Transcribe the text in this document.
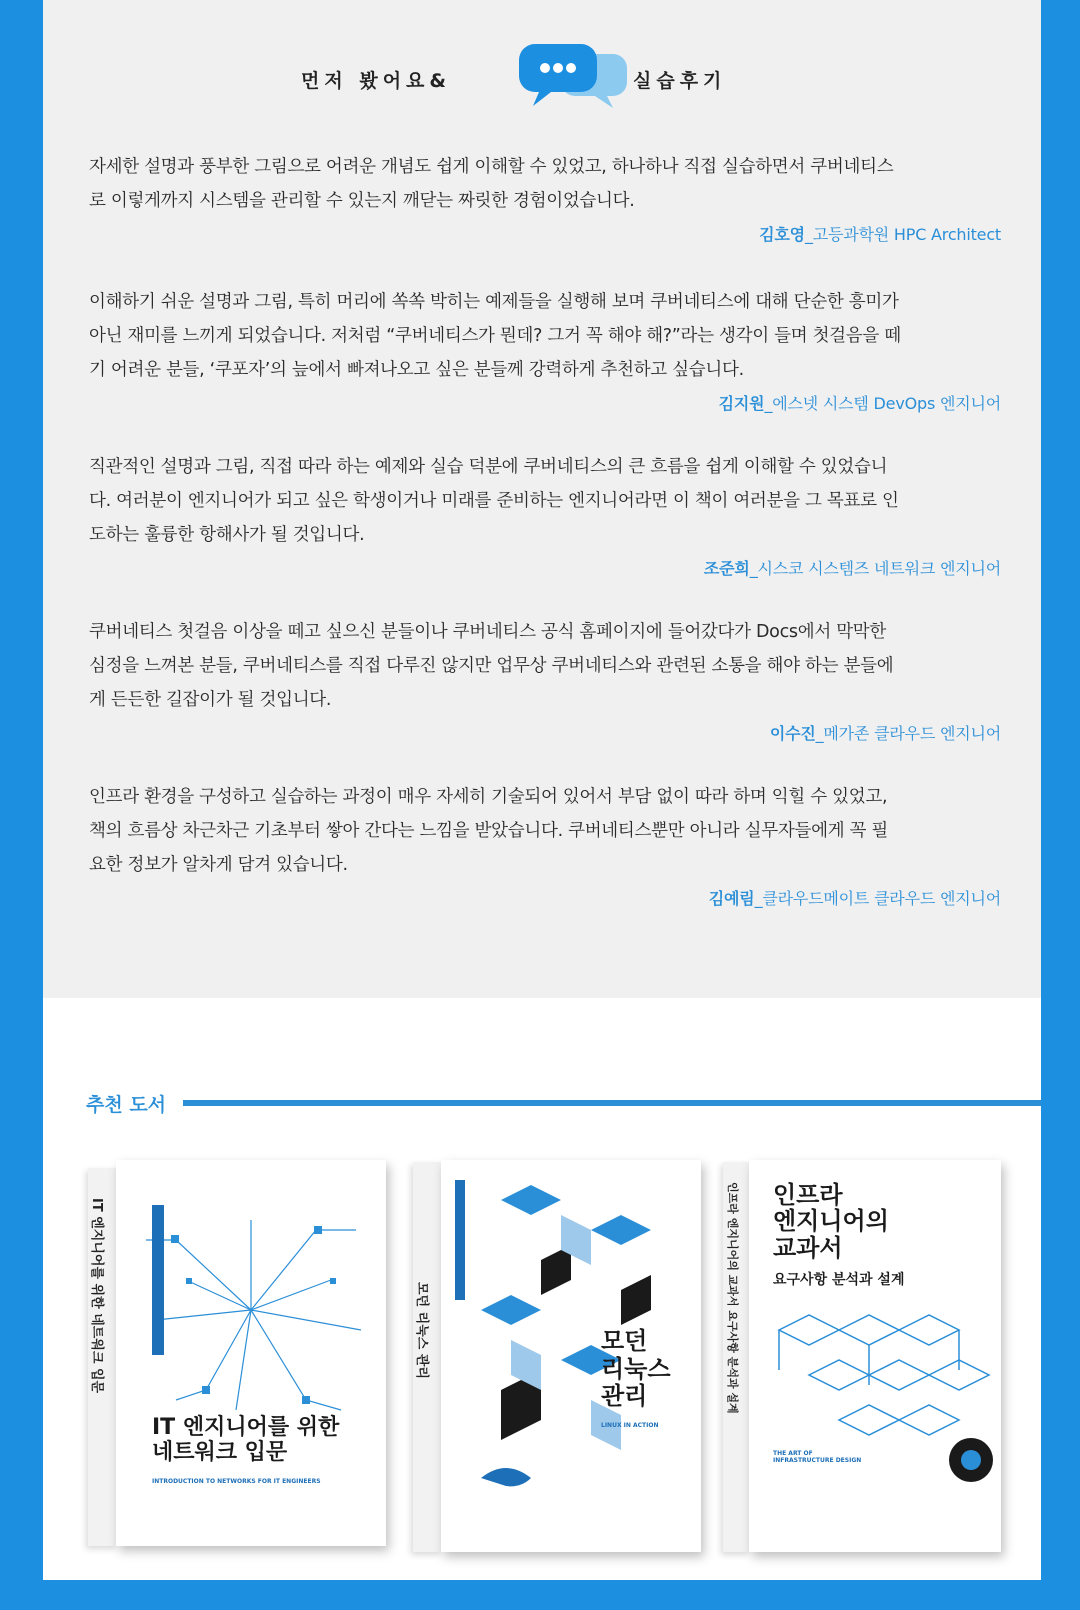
먼저 봤어요&	실습후기

자세한 설명과 풍부한 그림으로 어려운 개념도 쉽게 이해할 수 있었고, 하나하나 직접 실습하면서 쿠버네티스

로 이렇게까지 시스템을 관리할 수 있는지 깨닫는 짜릿한 경험이었습니다.

김호영_고등과학원 HPC Architect

이해하기 쉬운 설명과 그림, 특히 머리에 쏙쏙 박히는 예제들을 실행해 보며 쿠버네티스에 대해 단순한 흥미가

아닌 재미를 느끼게 되었습니다. 저처럼 “쿠버네티스가 뭔데? 그거 꼭 해야 해?”라는 생각이 들며 첫걸음을 떼

기 어려운 분들, ‘쿠포자’의 늪에서 빠져나오고 싶은 분들께 강력하게 추천하고 싶습니다.

김지원_에스넷 시스템 DevOps 엔지니어

직관적인 설명과 그림, 직접 따라 하는 예제와 실습 덕분에 쿠버네티스의 큰 흐름을 쉽게 이해할 수 있었습니

다. 여러분이 엔지니어가 되고 싶은 학생이거나 미래를 준비하는 엔지니어라면 이 책이 여러분을 그 목표로 인

도하는 훌륭한 항해사가 될 것입니다.

조준희_시스코 시스템즈 네트워크 엔지니어

쿠버네티스 첫걸음 이상을 떼고 싶으신 분들이나 쿠버네티스 공식 홈페이지에 들어갔다가 Docs에서 막막한

심정을 느껴본 분들, 쿠버네티스를 직접 다루진 않지만 업무상 쿠버네티스와 관련된 소통을 해야 하는 분들에

게 든든한 길잡이가 될 것입니다.

이수진_메가존 클라우드 엔지니어

인프라 환경을 구성하고 실습하는 과정이 매우 자세히 기술되어 있어서 부담 없이 따라 하며 익힐 수 있었고,

책의 흐름상 차근차근 기초부터 쌓아 간다는 느낌을 받았습니다. 쿠버네티스뿐만 아니라 실무자들에게 꼭 필

요한 정보가 알차게 담겨 있습니다.

김예림_클라우드메이트 클라우드 엔지니어
추천 도서
IT 엔지니어를 위한 네트워크 입문
IT 엔지니어를 위한
네트워크 입문
INTRODUCTION TO NETWORKS FOR IT ENGINEERS
모던 리눅스 관리	모던
리눅스
관리
LINUX IN ACTION
인프라 엔지니어의 교과서 요구사항 분석과 설계 인프라
엔지니어의
교과서
요구사항 분석과 설계
THE ART OF INFRASTRUCTURE DESIGN
